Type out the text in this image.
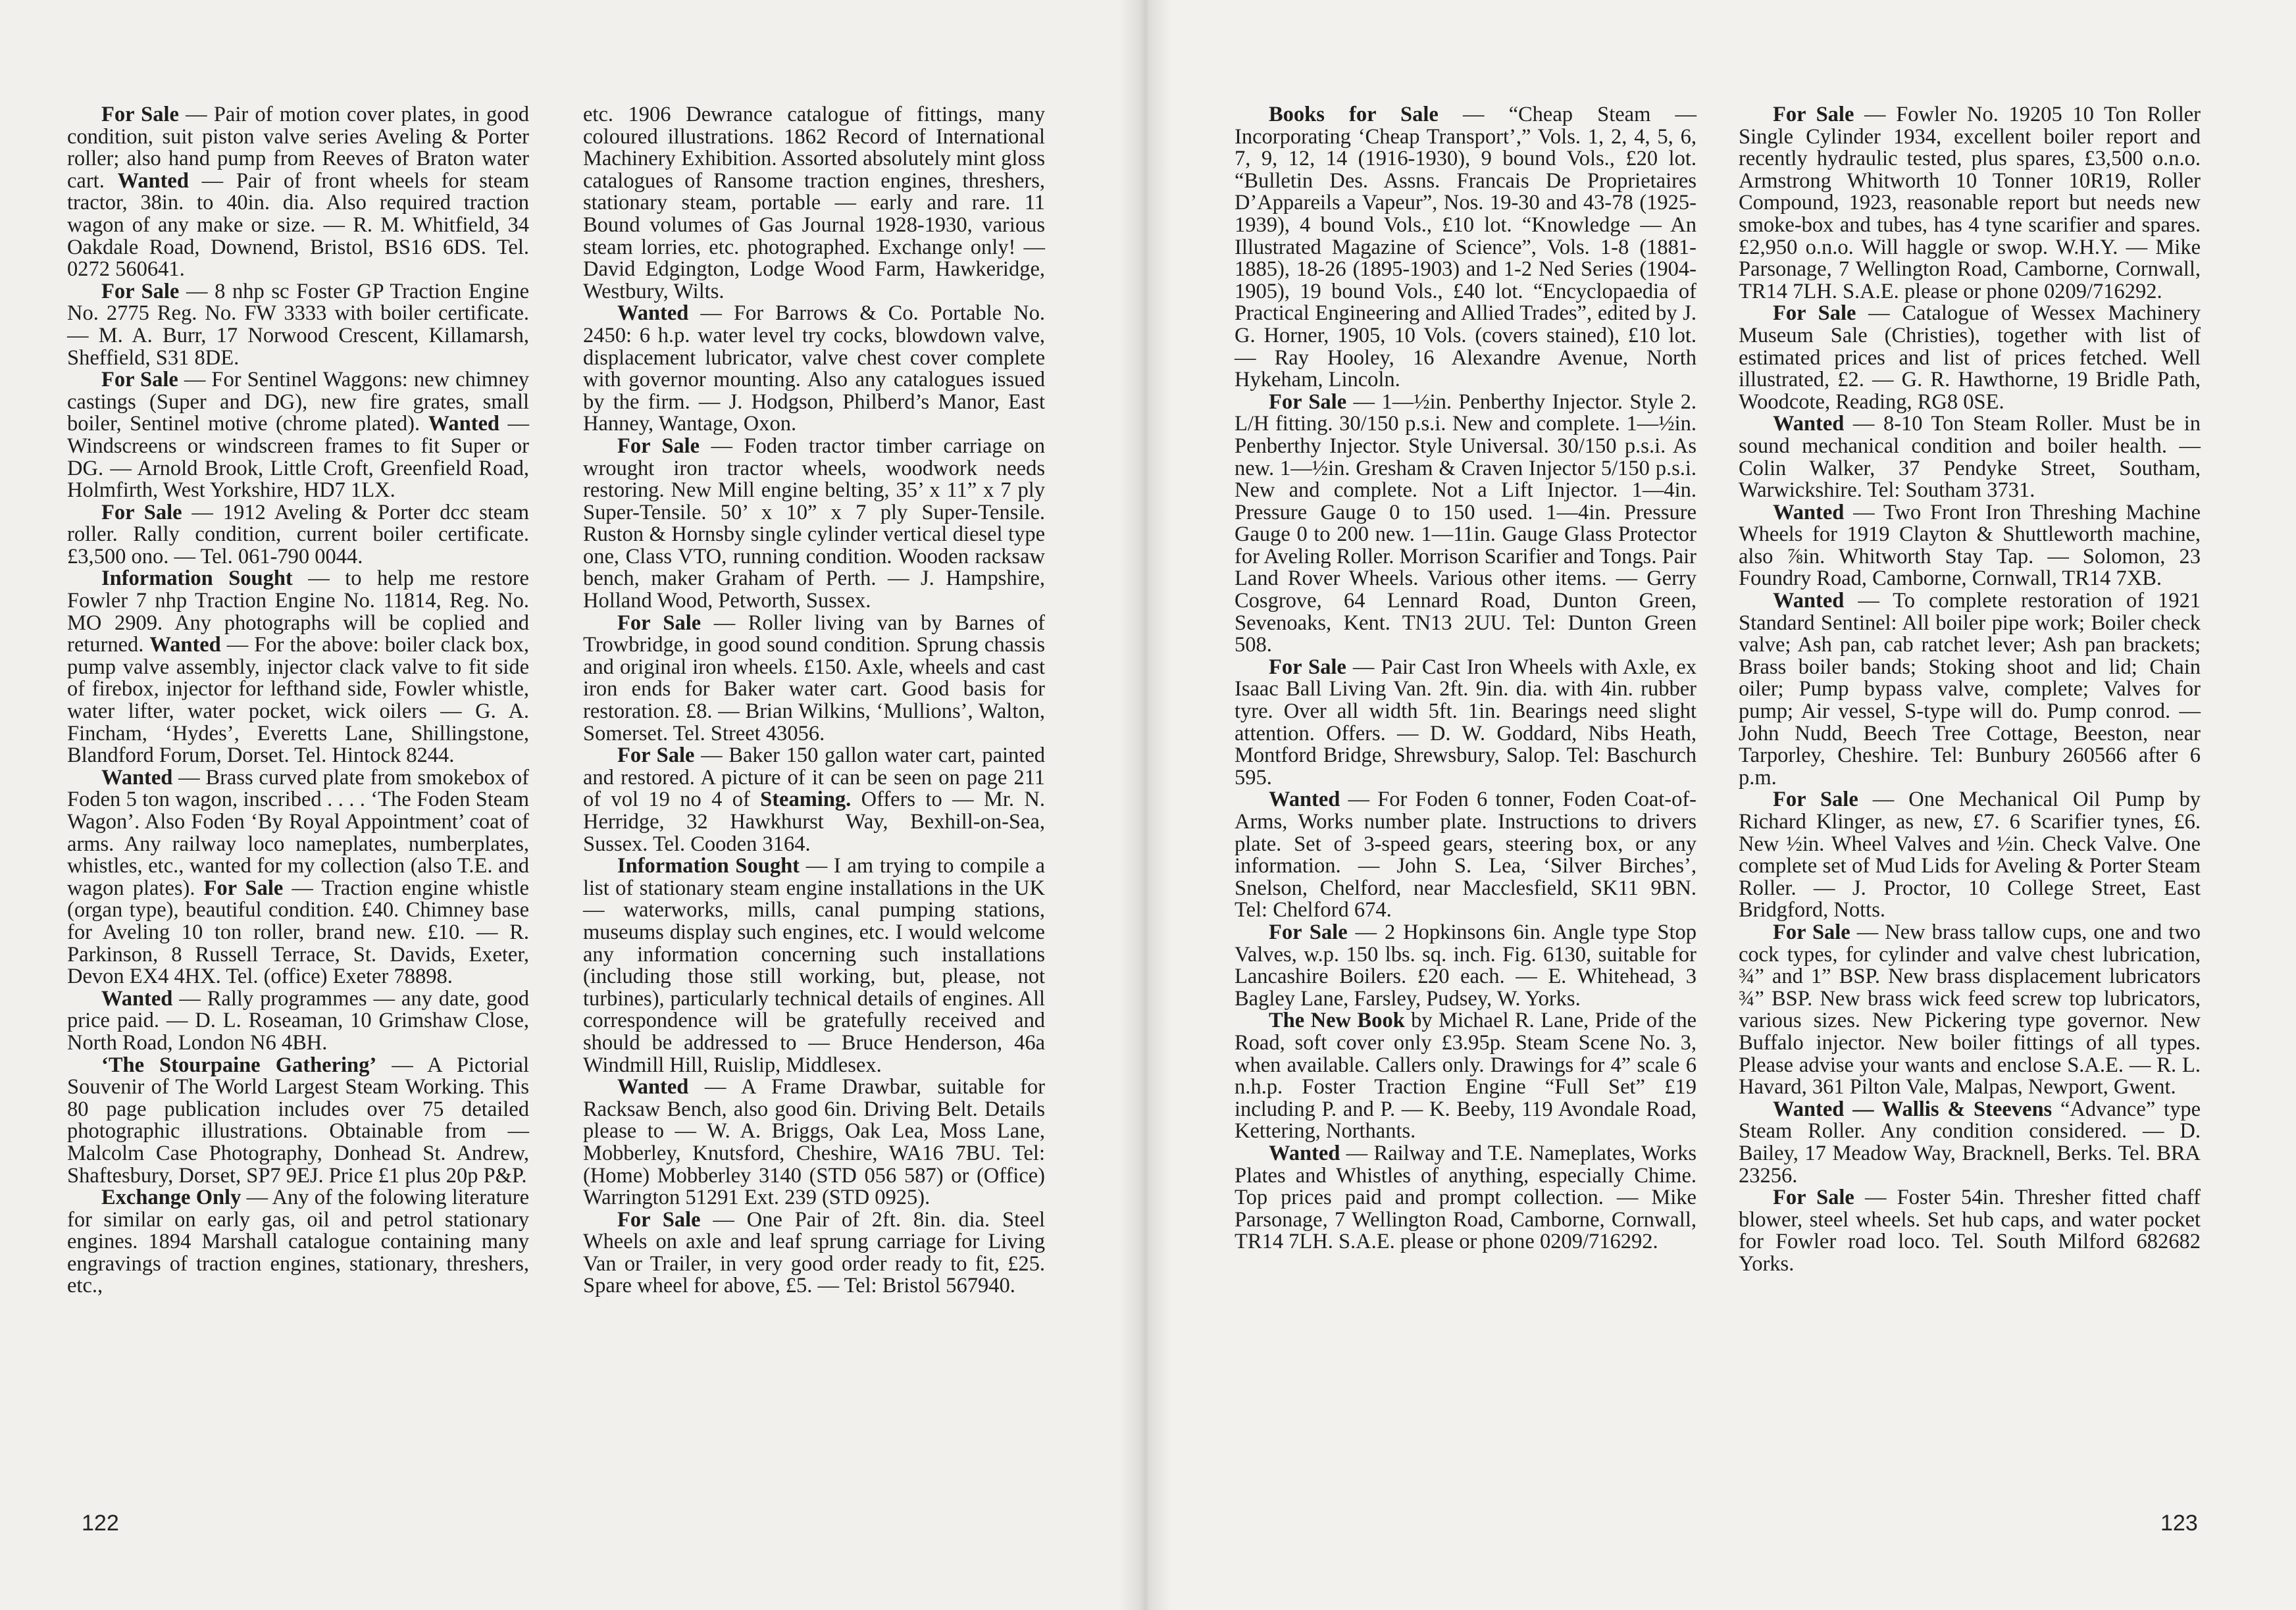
For Sale — Pair of motion cover plates, in good condition, suit piston valve series Aveling & Porter roller; also hand pump from Reeves of Braton water cart. Wanted — Pair of front wheels for steam tractor, 38in. to 40in. dia. Also required traction wagon of any make or size. — R. M. Whitfield, 34 Oakdale Road, Downend, Bristol, BS16 6DS. Tel. 0272 560641.

For Sale — 8 nhp sc Foster GP Traction Engine No. 2775 Reg. No. FW 3333 with boiler certificate. — M. A. Burr, 17 Norwood Crescent, Killamarsh, Sheffield, S31 8DE.

For Sale — For Sentinel Waggons: new chimney castings (Super and DG), new fire grates, small boiler, Sentinel motive (chrome plated). Wanted — Windscreens or windscreen frames to fit Super or DG. — Arnold Brook, Little Croft, Greenfield Road, Holmfirth, West Yorkshire, HD7 1LX.

For Sale — 1912 Aveling & Porter dcc steam roller. Rally condition, current boiler certificate. £3,500 ono. — Tel. 061-790 0044.

Information Sought — to help me restore Fowler 7 nhp Traction Engine No. 11814, Reg. No. MO 2909. Any photographs will be coplied and returned. Wanted — For the above: boiler clack box, pump valve assembly, injector clack valve to fit side of firebox, injector for lefthand side, Fowler whistle, water lifter, water pocket, wick oilers — G. A. Fincham, ‘Hydes’, Everetts Lane, Shillingstone, Blandford Forum, Dorset. Tel. Hintock 8244.

Wanted — Brass curved plate from smokebox of Foden 5 ton wagon, inscribed . . . . ‘The Foden Steam Wagon’. Also Foden ‘By Royal Appointment’ coat of arms. Any railway loco nameplates, numberplates, whistles, etc., wanted for my collection (also T.E. and wagon plates). For Sale — Traction engine whistle (organ type), beautiful condition. £40. Chimney base for Aveling 10 ton roller, brand new. £10. — R. Parkinson, 8 Russell Terrace, St. Davids, Exeter, Devon EX4 4HX. Tel. (office) Exeter 78898.

Wanted — Rally programmes — any date, good price paid. — D. L. Roseaman, 10 Grimshaw Close, North Road, London N6 4BH.

‘The Stourpaine Gathering’ — A Pictorial Souvenir of The World Largest Steam Working. This 80 page publication includes over 75 detailed photographic illustrations. Obtainable from — Malcolm Case Photography, Donhead St. Andrew, Shaftesbury, Dorset, SP7 9EJ. Price £1 plus 20p P&P.

Exchange Only — Any of the folowing literature for similar on early gas, oil and petrol stationary engines. 1894 Marshall catalogue containing many engravings of traction engines, stationary, threshers, etc.,

etc. 1906 Dewrance catalogue of fittings, many coloured illustrations. 1862 Record of International Machinery Exhibition. Assorted absolutely mint gloss catalogues of Ransome traction engines, threshers, stationary steam, portable — early and rare. 11 Bound volumes of Gas Journal 1928-1930, various steam lorries, etc. photographed. Exchange only! — David Edgington, Lodge Wood Farm, Hawkeridge, Westbury, Wilts.

Wanted — For Barrows & Co. Portable No. 2450: 6 h.p. water level try cocks, blowdown valve, displacement lubricator, valve chest cover complete with governor mounting. Also any catalogues issued by the firm. — J. Hodgson, Philberd’s Manor, East Hanney, Wantage, Oxon.

For Sale — Foden tractor timber carriage on wrought iron tractor wheels, woodwork needs restoring. New Mill engine belting, 35’ x 11” x 7 ply Super-Tensile. 50’ x 10” x 7 ply Super-Tensile. Ruston & Hornsby single cylinder vertical diesel type one, Class VTO, running condition. Wooden racksaw bench, maker Graham of Perth. — J. Hampshire, Holland Wood, Petworth, Sussex.

For Sale — Roller living van by Barnes of Trowbridge, in good sound condition. Sprung chassis and original iron wheels. £150. Axle, wheels and cast iron ends for Baker water cart. Good basis for restoration. £8. — Brian Wilkins, ‘Mullions’, Walton, Somerset. Tel. Street 43056.

For Sale — Baker 150 gallon water cart, painted and restored. A picture of it can be seen on page 211 of vol 19 no 4 of Steaming. Offers to — Mr. N. Herridge, 32 Hawkhurst Way, Bexhill-on-Sea, Sussex. Tel. Cooden 3164.

Information Sought — I am trying to compile a list of stationary steam engine installations in the UK — waterworks, mills, canal pumping stations, museums display such engines, etc. I would welcome any information concerning such installations (including those still working, but, please, not turbines), particularly technical details of engines. All correspondence will be gratefully received and should be addressed to — Bruce Henderson, 46a Windmill Hill, Ruislip, Middlesex.

Wanted — A Frame Drawbar, suitable for Racksaw Bench, also good 6in. Driving Belt. Details please to — W. A. Briggs, Oak Lea, Moss Lane, Mobberley, Knutsford, Cheshire, WA16 7BU. Tel: (Home) Mobberley 3140 (STD 056 587) or (Office) Warrington 51291 Ext. 239 (STD 0925).

For Sale — One Pair of 2ft. 8in. dia. Steel Wheels on axle and leaf sprung carriage for Living Van or Trailer, in very good order ready to fit, £25. Spare wheel for above, £5. — Tel: Bristol 567940.

122

Books for Sale — “Cheap Steam — Incorporating ‘Cheap Transport’,” Vols. 1, 2, 4, 5, 6, 7, 9, 12, 14 (1916-1930), 9 bound Vols., £20 lot. “Bulletin Des. Assns. Francais De Proprietaires D’Appareils a Vapeur”, Nos. 19-30 and 43-78 (1925-1939), 4 bound Vols., £10 lot. “Knowledge — An Illustrated Magazine of Science”, Vols. 1-8 (1881-1885), 18-26 (1895-1903) and 1-2 Ned Series (1904-1905), 19 bound Vols., £40 lot. “Encyclopaedia of Practical Engineering and Allied Trades”, edited by J. G. Horner, 1905, 10 Vols. (covers stained), £10 lot. — Ray Hooley, 16 Alexandre Avenue, North Hykeham, Lincoln.

For Sale — 1—½in. Penberthy Injector. Style 2. L/H fitting. 30/150 p.s.i. New and complete. 1—½in. Penberthy Injector. Style Universal. 30/150 p.s.i. As new. 1—½in. Gresham & Craven Injector 5/150 p.s.i. New and complete. Not a Lift Injector. 1—4in. Pressure Gauge 0 to 150 used. 1—4in. Pressure Gauge 0 to 200 new. 1—11in. Gauge Glass Protector for Aveling Roller. Morrison Scarifier and Tongs. Pair Land Rover Wheels. Various other items. — Gerry Cosgrove, 64 Lennard Road, Dunton Green, Sevenoaks, Kent. TN13 2UU. Tel: Dunton Green 508.

For Sale — Pair Cast Iron Wheels with Axle, ex Isaac Ball Living Van. 2ft. 9in. dia. with 4in. rubber tyre. Over all width 5ft. 1in. Bearings need slight attention. Offers. — D. W. Goddard, Nibs Heath, Montford Bridge, Shrewsbury, Salop. Tel: Baschurch 595.

Wanted — For Foden 6 tonner, Foden Coat-of-Arms, Works number plate. Instructions to drivers plate. Set of 3-speed gears, steering box, or any information. — John S. Lea, ‘Silver Birches’, Snelson, Chelford, near Macclesfield, SK11 9BN. Tel: Chelford 674.

For Sale — 2 Hopkinsons 6in. Angle type Stop Valves, w.p. 150 lbs. sq. inch. Fig. 6130, suitable for Lancashire Boilers. £20 each. — E. Whitehead, 3 Bagley Lane, Farsley, Pudsey, W. Yorks.

The New Book by Michael R. Lane, Pride of the Road, soft cover only £3.95p. Steam Scene No. 3, when available. Callers only. Drawings for 4” scale 6 n.h.p. Foster Traction Engine “Full Set” £19 including P. and P. — K. Beeby, 119 Avondale Road, Kettering, Northants.

Wanted — Railway and T.E. Nameplates, Works Plates and Whistles of anything, especially Chime. Top prices paid and prompt collection. — Mike Parsonage, 7 Wellington Road, Camborne, Cornwall, TR14 7LH. S.A.E. please or phone 0209/716292.

For Sale — Fowler No. 19205 10 Ton Roller Single Cylinder 1934, excellent boiler report and recently hydraulic tested, plus spares, £3,500 o.n.o. Armstrong Whitworth 10 Tonner 10R19, Roller Compound, 1923, reasonable report but needs new smoke-box and tubes, has 4 tyne scarifier and spares. £2,950 o.n.o. Will haggle or swop. W.H.Y. — Mike Parsonage, 7 Wellington Road, Camborne, Cornwall, TR14 7LH. S.A.E. please or phone 0209/716292.

For Sale — Catalogue of Wessex Machinery Museum Sale (Christies), together with list of estimated prices and list of prices fetched. Well illustrated, £2. — G. R. Hawthorne, 19 Bridle Path, Woodcote, Reading, RG8 0SE.

Wanted — 8-10 Ton Steam Roller. Must be in sound mechanical condition and boiler health. — Colin Walker, 37 Pendyke Street, Southam, Warwickshire. Tel: Southam 3731.

Wanted — Two Front Iron Threshing Machine Wheels for 1919 Clayton & Shuttleworth machine, also ⅞in. Whitworth Stay Tap. — Solomon, 23 Foundry Road, Camborne, Cornwall, TR14 7XB.

Wanted — To complete restoration of 1921 Standard Sentinel: All boiler pipe work; Boiler check valve; Ash pan, cab ratchet lever; Ash pan brackets; Brass boiler bands; Stoking shoot and lid; Chain oiler; Pump bypass valve, complete; Valves for pump; Air vessel, S-type will do. Pump conrod. — John Nudd, Beech Tree Cottage, Beeston, near Tarporley, Cheshire. Tel: Bunbury 260566 after 6 p.m.

For Sale — One Mechanical Oil Pump by Richard Klinger, as new, £7. 6 Scarifier tynes, £6. New ½in. Wheel Valves and ½in. Check Valve. One complete set of Mud Lids for Aveling & Porter Steam Roller. — J. Proctor, 10 College Street, East Bridgford, Notts.

For Sale — New brass tallow cups, one and two cock types, for cylinder and valve chest lubrication, ¾” and 1” BSP. New brass displacement lubricators ¾” BSP. New brass wick feed screw top lubricators, various sizes. New Pickering type governor. New Buffalo injector. New boiler fittings of all types. Please advise your wants and enclose S.A.E. — R. L. Havard, 361 Pilton Vale, Malpas, Newport, Gwent.

Wanted — Wallis & Steevens “Advance” type Steam Roller. Any condition considered. — D. Bailey, 17 Meadow Way, Bracknell, Berks. Tel. BRA 23256.

For Sale — Foster 54in. Thresher fitted chaff blower, steel wheels. Set hub caps, and water pocket for Fowler road loco. Tel. South Milford 682682 Yorks.

123
